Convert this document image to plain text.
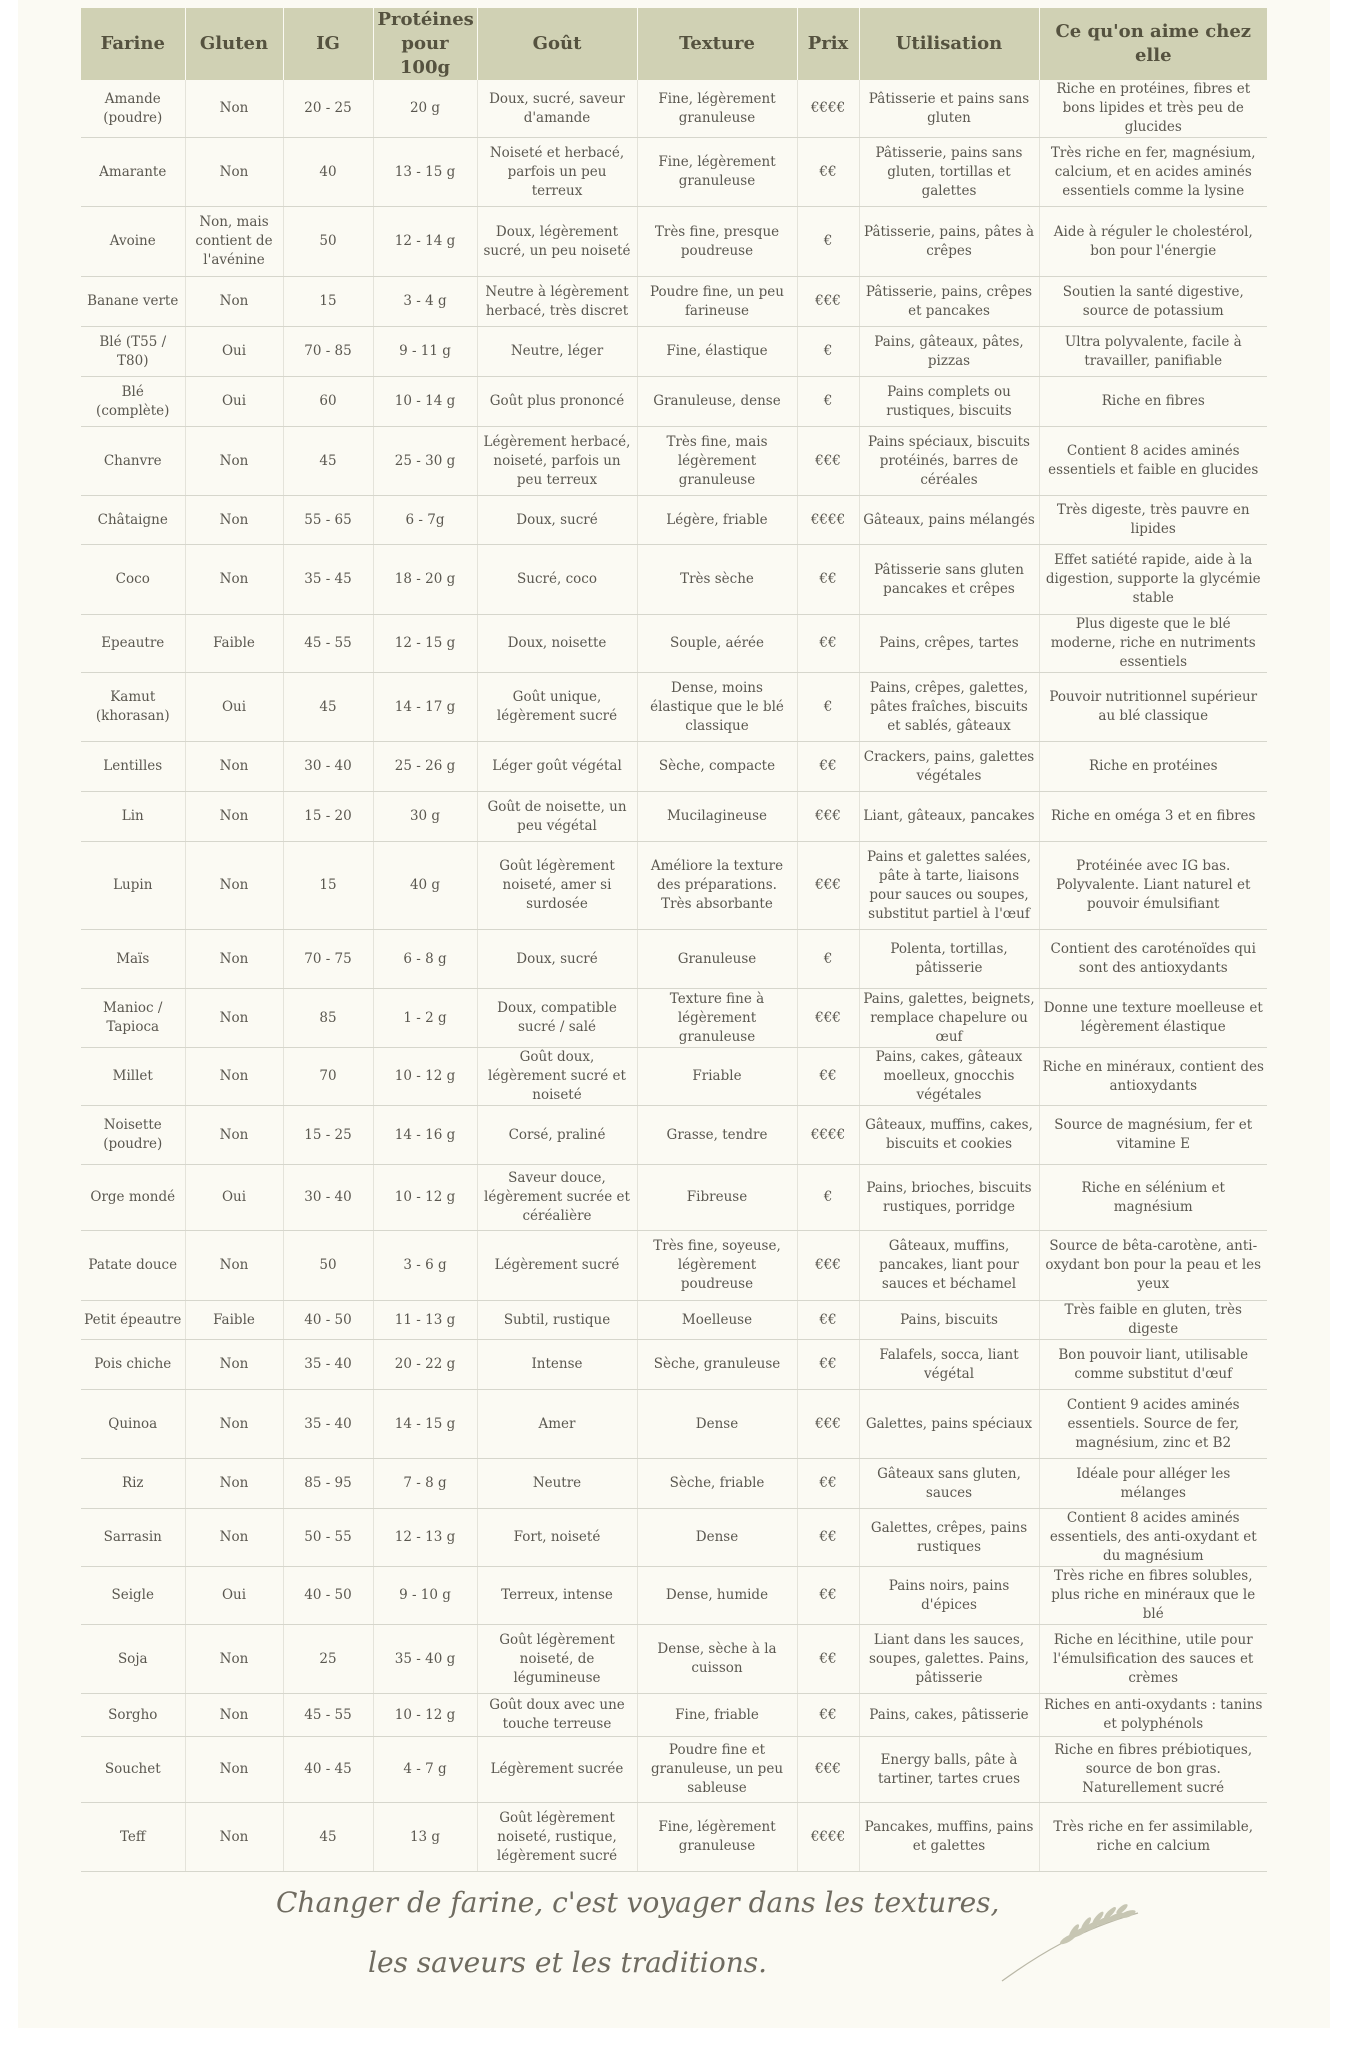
Farine	Gluten	IG	Protéines pour 100g	Goût	Texture	Prix	Utilisation	Ce qu'on aime chez elle
Amande (poudre)	Non	20 - 25	20 g	Doux, sucré, saveur d'amande	Fine, légèrement granuleuse	€€€€	Pâtisserie et pains sans gluten	Riche en protéines, fibres et bons lipides et très peu de glucides
Amarante	Non	40	13 - 15 g	Noiseté et herbacé, parfois un peu terreux	Fine, légèrement granuleuse	€€	Pâtisserie, pains sans gluten, tortillas et galettes	Très riche en fer, magnésium, calcium, et en acides aminés essentiels comme la lysine
Avoine	Non, mais contient de l'avénine	50	12 - 14 g	Doux, légèrement sucré, un peu noiseté	Très fine, presque poudreuse	€	Pâtisserie, pains, pâtes à crêpes	Aide à réguler le cholestérol, bon pour l'énergie
Banane verte	Non	15	3 - 4 g	Neutre à légèrement herbacé, très discret	Poudre fine, un peu farineuse	€€€	Pâtisserie, pains, crêpes et pancakes	Soutien la santé digestive, source de potassium
Blé (T55 / T80)	Oui	70 - 85	9 - 11 g	Neutre, léger	Fine, élastique	€	Pains, gâteaux, pâtes, pizzas	Ultra polyvalente, facile à travailler, panifiable
Blé (complète)	Oui	60	10 - 14 g	Goût plus prononcé	Granuleuse, dense	€	Pains complets ou rustiques, biscuits	Riche en fibres
Chanvre	Non	45	25 - 30 g	Légèrement herbacé, noiseté, parfois un peu terreux	Très fine, mais légèrement granuleuse	€€€	Pains spéciaux, biscuits protéinés, barres de céréales	Contient 8 acides aminés essentiels et faible en glucides
Châtaigne	Non	55 - 65	6 - 7g	Doux, sucré	Légère, friable	€€€€	Gâteaux, pains mélangés	Très digeste, très pauvre en lipides
Coco	Non	35 - 45	18 - 20 g	Sucré, coco	Très sèche	€€	Pâtisserie sans gluten pancakes et crêpes	Effet satiété rapide, aide à la digestion, supporte la glycémie stable
Epeautre	Faible	45 - 55	12 - 15 g	Doux, noisette	Souple, aérée	€€	Pains, crêpes, tartes	Plus digeste que le blé moderne, riche en nutriments essentiels
Kamut (khorasan)	Oui	45	14 - 17 g	Goût unique, légèrement sucré	Dense, moins élastique que le blé classique	€	Pains, crêpes, galettes, pâtes fraîches, biscuits et sablés, gâteaux	Pouvoir nutritionnel supérieur au blé classique
Lentilles	Non	30 - 40	25 - 26 g	Léger goût végétal	Sèche, compacte	€€	Crackers, pains, galettes végétales	Riche en protéines
Lin	Non	15 - 20	30 g	Goût de noisette, un peu végétal	Mucilagineuse	€€€	Liant, gâteaux, pancakes	Riche en oméga 3 et en fibres
Lupin	Non	15	40 g	Goût légèrement noiseté, amer si surdosée	Améliore la texture des préparations. Très absorbante	€€€	Pains et galettes salées, pâte à tarte, liaisons pour sauces ou soupes, substitut partiel à l'œuf	Protéinée avec IG bas. Polyvalente. Liant naturel et pouvoir émulsifiant
Maïs	Non	70 - 75	6 - 8 g	Doux, sucré	Granuleuse	€	Polenta, tortillas, pâtisserie	Contient des caroténoïdes qui sont des antioxydants
Manioc / Tapioca	Non	85	1 - 2 g	Doux, compatible sucré / salé	Texture fine à légèrement granuleuse	€€€	Pains, galettes, beignets, remplace chapelure ou œuf	Donne une texture moelleuse et légèrement élastique
Millet	Non	70	10 - 12 g	Goût doux, légèrement sucré et noiseté	Friable	€€	Pains, cakes, gâteaux moelleux, gnocchis végétales	Riche en minéraux, contient des antioxydants
Noisette (poudre)	Non	15 - 25	14 - 16 g	Corsé, praliné	Grasse, tendre	€€€€	Gâteaux, muffins, cakes, biscuits et cookies	Source de magnésium, fer et vitamine E
Orge mondé	Oui	30 - 40	10 - 12 g	Saveur douce, légèrement sucrée et céréalière	Fibreuse	€	Pains, brioches, biscuits rustiques, porridge	Riche en sélénium et magnésium
Patate douce	Non	50	3 - 6 g	Légèrement sucré	Très fine, soyeuse, légèrement poudreuse	€€€	Gâteaux, muffins, pancakes, liant pour sauces et béchamel	Source de bêta-carotène, anti-oxydant bon pour la peau et les yeux
Petit épeautre	Faible	40 - 50	11 - 13 g	Subtil, rustique	Moelleuse	€€	Pains, biscuits	Très faible en gluten, très digeste
Pois chiche	Non	35 - 40	20 - 22 g	Intense	Sèche, granuleuse	€€	Falafels, socca, liant végétal	Bon pouvoir liant, utilisable comme substitut d'œuf
Quinoa	Non	35 - 40	14 - 15 g	Amer	Dense	€€€	Galettes, pains spéciaux	Contient 9 acides aminés essentiels. Source de fer, magnésium, zinc et B2
Riz	Non	85 - 95	7 - 8 g	Neutre	Sèche, friable	€€	Gâteaux sans gluten, sauces	Idéale pour alléger les mélanges
Sarrasin	Non	50 - 55	12 - 13 g	Fort, noiseté	Dense	€€	Galettes, crêpes, pains rustiques	Contient 8 acides aminés essentiels, des anti-oxydant et du magnésium
Seigle	Oui	40 - 50	9 - 10 g	Terreux, intense	Dense, humide	€€	Pains noirs, pains d'épices	Très riche en fibres solubles, plus riche en minéraux que le blé
Soja	Non	25	35 - 40 g	Goût légèrement noiseté, de légumineuse	Dense, sèche à la cuisson	€€	Liant dans les sauces, soupes, galettes. Pains, pâtisserie	Riche en lécithine, utile pour l'émulsification des sauces et crèmes
Sorgho	Non	45 - 55	10 - 12 g	Goût doux avec une touche terreuse	Fine, friable	€€	Pains, cakes, pâtisserie	Riches en anti-oxydants : tanins et polyphénols
Souchet	Non	40 - 45	4 - 7 g	Légèrement sucrée	Poudre fine et granuleuse, un peu sableuse	€€€	Energy balls, pâte à tartiner, tartes crues	Riche en fibres prébiotiques, source de bon gras. Naturellement sucré
Teff	Non	45	13 g	Goût légèrement noiseté, rustique, légèrement sucré	Fine, légèrement granuleuse	€€€€	Pancakes, muffins, pains et galettes	Très riche en fer assimilable, riche en calcium
Changer de farine, c'est voyager dans les textures,
les saveurs et les traditions.
